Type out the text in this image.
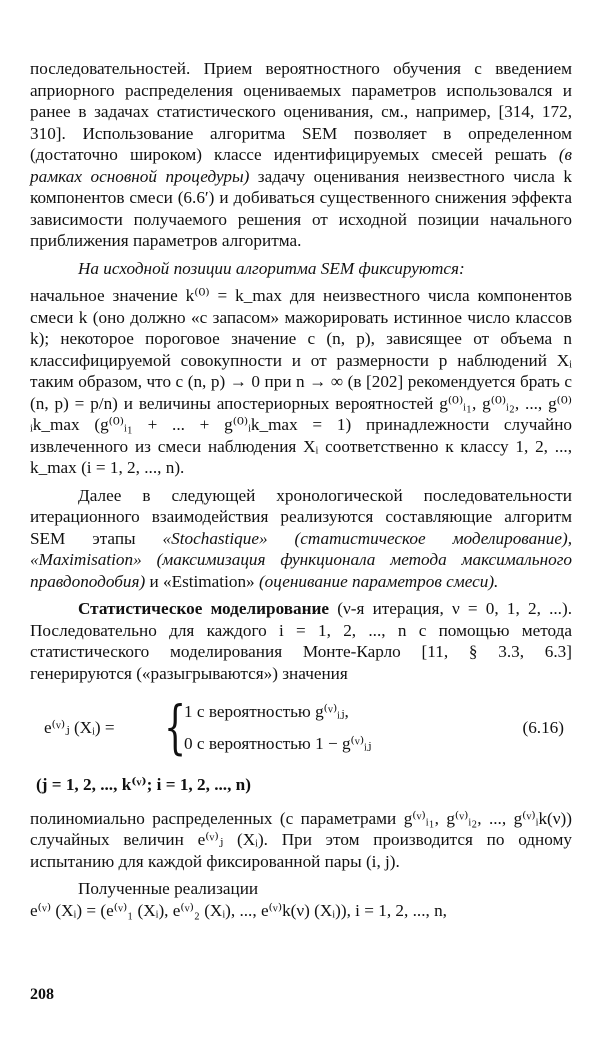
последовательностей. Прием вероятностного обучения с введением априорного распределения оцениваемых параметров использовался и ранее в задачах статистического оценивания, см., например, [314, 172, 310]. Использование алгоритма SEM позволяет в определенном (достаточно широком) классе идентифицируемых смесей решать (в рамках основной процедуры) задачу оценивания неизвестного числа k компонентов смеси (6.6′) и добиваться существенного снижения эффекта зависимости получаемого решения от исходной позиции начального приближения параметров алгоритма.

На исходной позиции алгоритма SEM фиксируются:

начальное значение k⁽⁰⁾ = k_max для неизвестного числа компонентов смеси k (оно должно «с запасом» мажорировать истинное число классов k); некоторое пороговое значение c (n, p), зависящее от объема n классифицируемой совокупности и от размерности p наблюдений Xᵢ таким образом, что c (n, p) → 0 при n → ∞ (в [202] рекомендуется брать c (n, p) = p/n) и величины апостериорных вероятностей g⁽⁰⁾ᵢ₁, g⁽⁰⁾ᵢ₂, ..., g⁽⁰⁾ᵢk_max (g⁽⁰⁾ᵢ₁ + ... + g⁽⁰⁾ᵢk_max = 1) принадлежности случайно извлеченного из смеси наблюдения Xᵢ соответственно к классу 1, 2, ..., k_max (i = 1, 2, ..., n).

Далее в следующей хронологической последовательности итерационного взаимодействия реализуются составляющие алгоритм SEM этапы «Stochastique» (статистическое моделирование), «Maximisation» (максимизация функционала метода максимального правдоподобия) и «Estimation» (оценивание параметров смеси).

Статистическое моделирование (ν-я итерация, ν = 0, 1, 2, ...). Последовательно для каждого i = 1, 2, ..., n с помощью метода статистического моделирования Монте-Карло [11, § 3.3, 6.3] генерируются («разыгрываются») значения

e⁽ᵛ⁾ⱼ (Xᵢ) = {
1 с вероятностью g⁽ᵛ⁾ᵢⱼ,
0 с вероятностью 1 − g⁽ᵛ⁾ᵢⱼ
(6.16)

(j = 1, 2, ..., k⁽ᵛ⁾; i = 1, 2, ..., n)

полиномиально распределенных (с параметрами g⁽ᵛ⁾ᵢ₁, g⁽ᵛ⁾ᵢ₂, ..., g⁽ᵛ⁾ᵢk(ν)) случайных величин e⁽ᵛ⁾ⱼ (Xᵢ). При этом производится по одному испытанию для каждой фиксированной пары (i, j).

Полученные реализации

e⁽ᵛ⁾ (Xᵢ) = (e⁽ᵛ⁾₁ (Xᵢ), e⁽ᵛ⁾₂ (Xᵢ), ..., e⁽ᵛ⁾k(ν) (Xᵢ)), i = 1, 2, ..., n,

208
